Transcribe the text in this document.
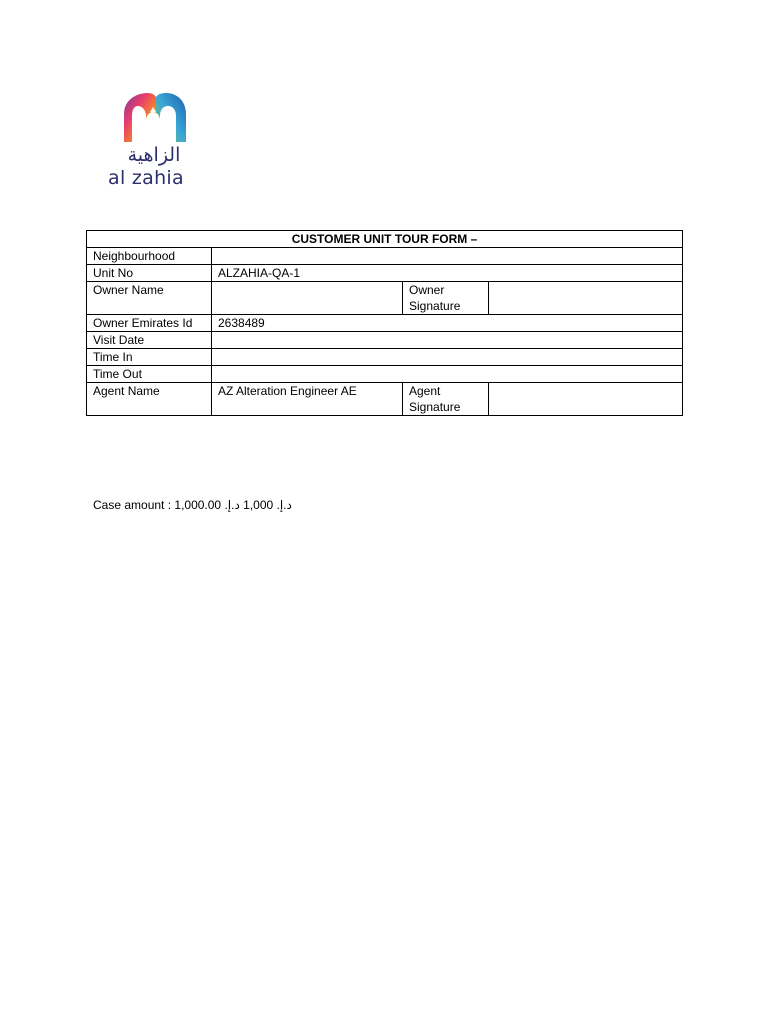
الزاهية
al zahia
CUSTOMER UNIT TOUR FORM –			
Neighbourhood			
Unit No	ALZAHIA-QA-1		
Owner Name		Owner Signature	
Owner Emirates Id	2638489		
Visit Date			
Time In			
Time Out			
Agent Name	AZ Alteration Engineer AE	Agent Signature	
Case amount : د.إ. 1,000.00 د.إ. 1,000
